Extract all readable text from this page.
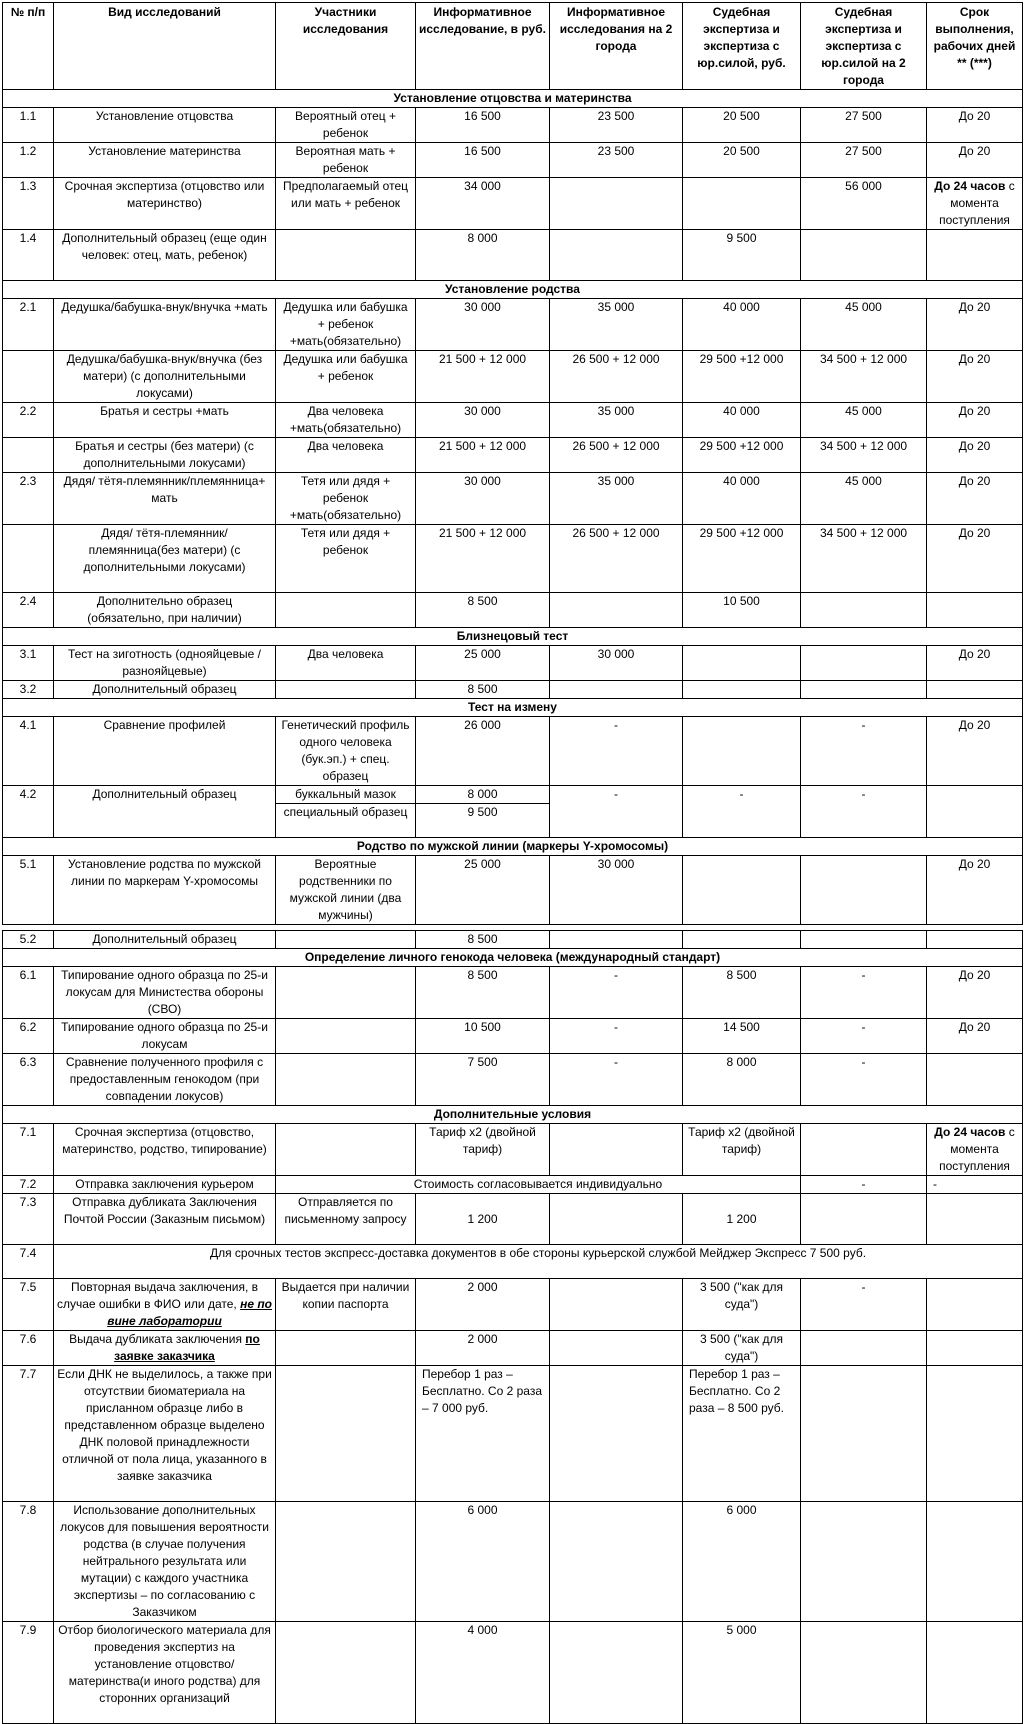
№ п/п	Вид исследований	Участники исследования	Информативное исследование, в руб.	Информативное исследования на 2 города	Судебная экспертиза и экспертиза с юр.силой, руб.	Судебная экспертиза и экспертиза с юр.силой на 2 города	Срок выполнения, рабочих дней ** (***)
Установление отцовства и материнства							
1.1	Установление отцовства	Вероятный отец + ребенок	16 500	23 500	20 500	27 500	До 20
1.2	Установление материнства	Вероятная мать + ребенок	16 500	23 500	20 500	27 500	До 20
1.3	Срочная экспертиза (отцовство или материнство)	Предполагаемый отец или мать + ребенок	34 000			56 000	До 24 часов с момента поступления
1.4	Дополнительный образец (еще один человек: отец, мать, ребенок)		8 000		9 500		
Установление родства							
2.1	Дедушка/бабушка-внук/внучка +мать	Дедушка или бабушка + ребенок +мать(обязательно)	30 000	35 000	40 000	45 000	До 20
	Дедушка/бабушка-внук/внучка (без матери) (с дополнительными локусами)	Дедушка или бабушка + ребенок	21 500 + 12 000	26 500 + 12 000	29 500 +12 000	34 500 + 12 000	До 20
2.2	Братья и сестры +мать	Два человека +мать(обязательно)	30 000	35 000	40 000	45 000	До 20
	Братья и сестры (без матери) (с дополнительными локусами)	Два человека	21 500 + 12 000	26 500 + 12 000	29 500 +12 000	34 500 + 12 000	До 20
2.3	Дядя/ тётя-племянник/племянница+ мать	Тетя или дядя + ребенок +мать(обязательно)	30 000	35 000	40 000	45 000	До 20
	Дядя/ тётя-племянник/племянница(без матери) (с дополнительными локусами)	Тетя или дядя + ребенок	21 500 + 12 000	26 500 + 12 000	29 500 +12 000	34 500 + 12 000	До 20
2.4	Дополнительно образец (обязательно, при наличии)		8 500		10 500		
Близнецовый тест							
3.1	Тест на зиготность (однояйцевые /разнояйцевые)	Два человека	25 000	30 000			До 20
3.2	Дополнительный образец		8 500				
Тест на измену							
4.1	Сравнение профилей	Генетический профиль одного человека (бук.эп.) + спец. образец	26 000	-		-	До 20
4.2	Дополнительный образец	буккальный мазок	8 000	-	-	-	
		специальный образец	9 500				
Родство по мужской линии (маркеры Y-хромосомы)							
5.1	Установление родства по мужской линии по маркерам Y-хромосомы	Вероятные родственники по мужской линии (два мужчины)	25 000	30 000			До 20

5.2	Дополнительный образец		8 500				
Определение личного генокода человека (международный стандарт)							
6.1	Типирование одного образца по 25-и локусам для Министества обороны (СВО)		8 500	-	8 500	-	До 20
6.2	Типирование одного образца по 25-и локусам		10 500	-	14 500	-	До 20
6.3	Сравнение полученного профиля с предоставленным генокодом (при совпадении локусов)		7 500	-	8 000	-	
Дополнительные условия							
7.1	Срочная экспертиза (отцовство, материнство, родство, типирование)		Тариф х2 (двойной тариф)		Тариф х2 (двойной тариф)		До 24 часов с момента поступления
7.2	Отправка заключения курьером	Стоимость согласовывается индивидуально				-	-
7.3	Отправка дубликата Заключения Почтой России (Заказным письмом)	Отправляется по письменному запросу	1 200		1 200		
7.4	Для срочных тестов экспресс-доставка документов в обе стороны курьерской службой Мейджер Экспресс 7 500 руб.						
7.5	Повторная выдача заключения, в случае ошибки в ФИО или дате, не по вине лаборатории	Выдается при наличии копии паспорта	2 000		3 500 ("как для суда")	-	
7.6	Выдача дубликата заключения по заявке заказчика		2 000		3 500 ("как для суда")		
7.7	Если ДНК не выделилось, а также при отсутствии биоматериала на присланном образце либо в представленном образце выделено ДНК половой принадлежности отличной от пола лица, указанного в заявке заказчика		Перебор 1 раз – Бесплатно. Со 2 раза – 7 000 руб.		Перебор 1 раз – Бесплатно. Со 2 раза – 8 500 руб.		
7.8	Использование дополнительных локусов для повышения вероятности родства (в случае получения нейтрального результата или мутации) с каждого участника экспертизы – по согласованию с Заказчиком		6 000		6 000		
7.9	Отбор биологического материала для проведения экспертиз на установление отцовство/материнства(и иного родства) для сторонних организаций		4 000		5 000		
